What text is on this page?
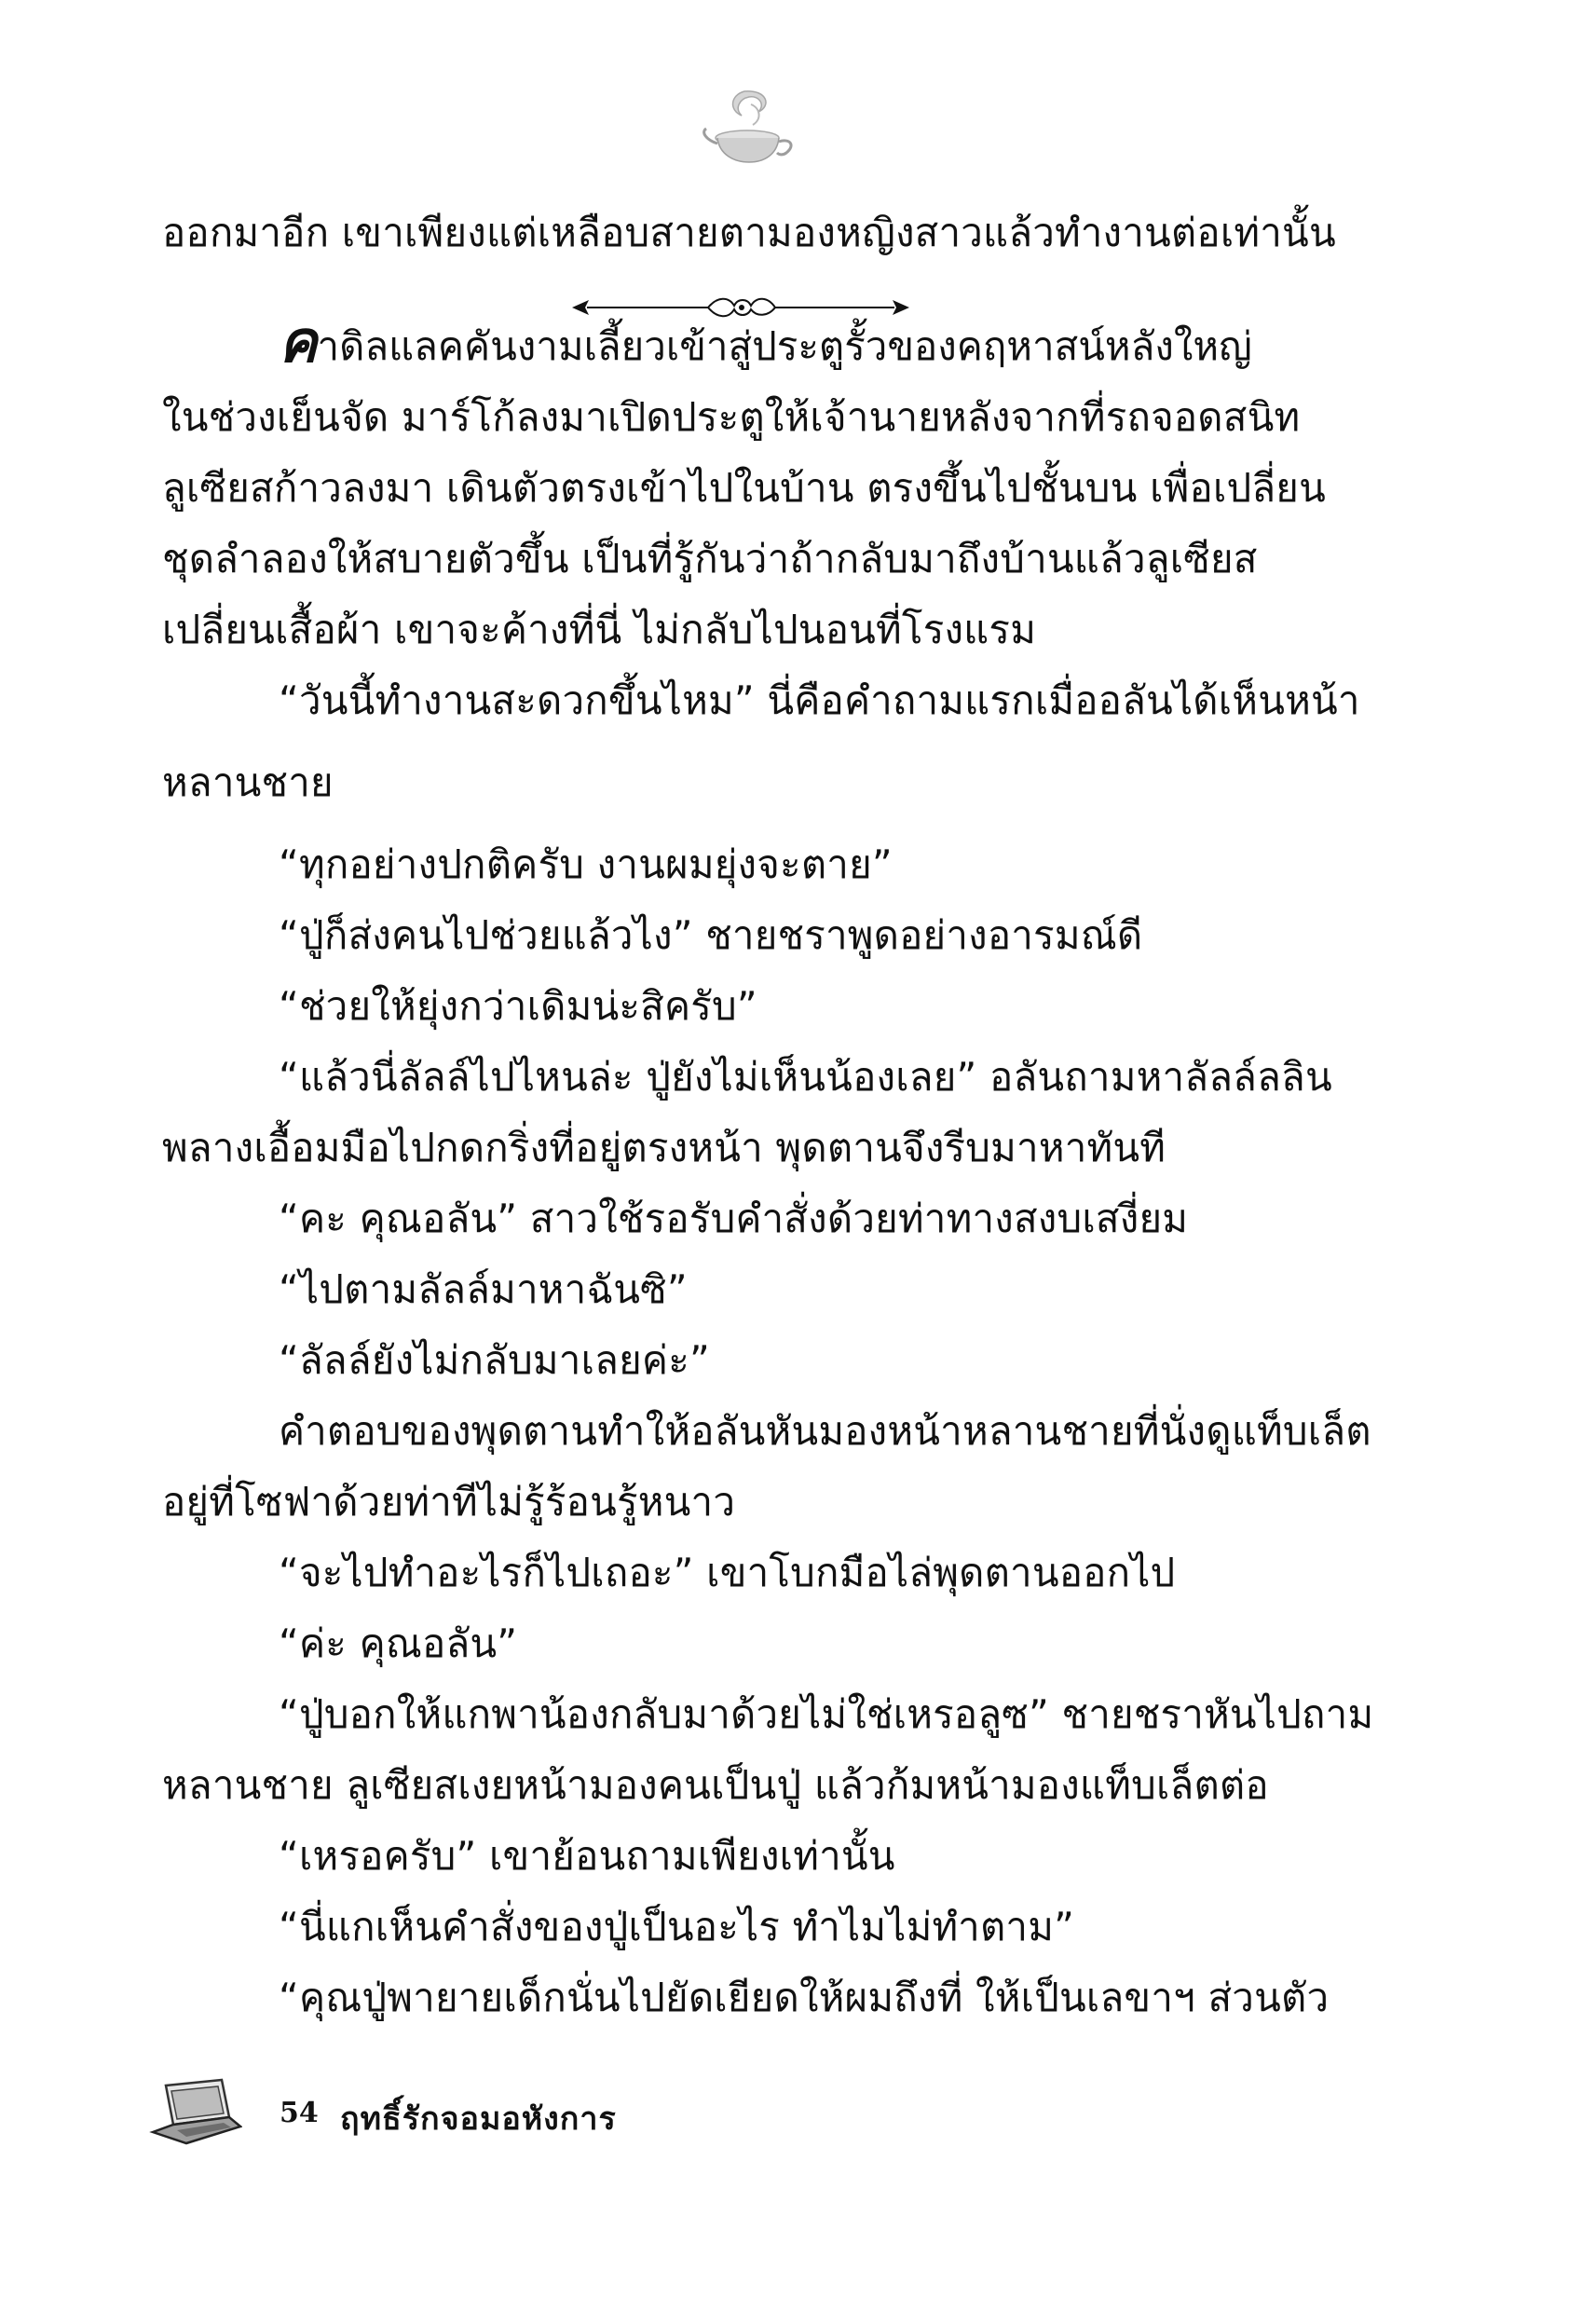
ออกมาอีก เขาเพียงแต่เหลือบสายตามองหญิงสาวแล้วทำงานต่อเท่านั้น
คาดิลแลคคันงามเลี้ยวเข้าสู่ประตูรั้วของคฤหาสน์หลังใหญ่
ในช่วงเย็นจัด มาร์โก้ลงมาเปิดประตูให้เจ้านายหลังจากที่รถจอดสนิท
ลูเซียสก้าวลงมา เดินตัวตรงเข้าไปในบ้าน ตรงขึ้นไปชั้นบน เพื่อเปลี่ยน
ชุดลำลองให้สบายตัวขึ้น เป็นที่รู้กันว่าถ้ากลับมาถึงบ้านแล้วลูเซียส
เปลี่ยนเสื้อผ้า เขาจะค้างที่นี่ ไม่กลับไปนอนที่โรงแรม
“วันนี้ทำงานสะดวกขึ้นไหม” นี่คือคำถามแรกเมื่ออลันได้เห็นหน้า
หลานชาย
“ทุกอย่างปกติครับ งานผมยุ่งจะตาย”
“ปู่ก็ส่งคนไปช่วยแล้วไง” ชายชราพูดอย่างอารมณ์ดี
“ช่วยให้ยุ่งกว่าเดิมน่ะสิครับ”
“แล้วนี่ลัลล์ไปไหนล่ะ ปู่ยังไม่เห็นน้องเลย” อลันถามหาลัลล์ลลิน
พลางเอื้อมมือไปกดกริ่งที่อยู่ตรงหน้า พุดตานจึงรีบมาหาทันที
“คะ คุณอลัน” สาวใช้รอรับคำสั่งด้วยท่าทางสงบเสงี่ยม
“ไปตามลัลล์มาหาฉันซิ”
“ลัลล์ยังไม่กลับมาเลยค่ะ”
คำตอบของพุดตานทำให้อลันหันมองหน้าหลานชายที่นั่งดูแท็บเล็ต
อยู่ที่โซฟาด้วยท่าทีไม่รู้ร้อนรู้หนาว
“จะไปทำอะไรก็ไปเถอะ” เขาโบกมือไล่พุดตานออกไป
“ค่ะ คุณอลัน”
“ปู่บอกให้แกพาน้องกลับมาด้วยไม่ใช่เหรอลูซ” ชายชราหันไปถาม
หลานชาย ลูเซียสเงยหน้ามองคนเป็นปู่ แล้วก้มหน้ามองแท็บเล็ตต่อ
“เหรอครับ” เขาย้อนถามเพียงเท่านั้น
“นี่แกเห็นคำสั่งของปู่เป็นอะไร ทำไมไม่ทำตาม”
“คุณปู่พายายเด็กนั่นไปยัดเยียดให้ผมถึงที่ ให้เป็นเลขาฯ ส่วนตัว
54 ฤทธิ์รักจอมอหังการ
